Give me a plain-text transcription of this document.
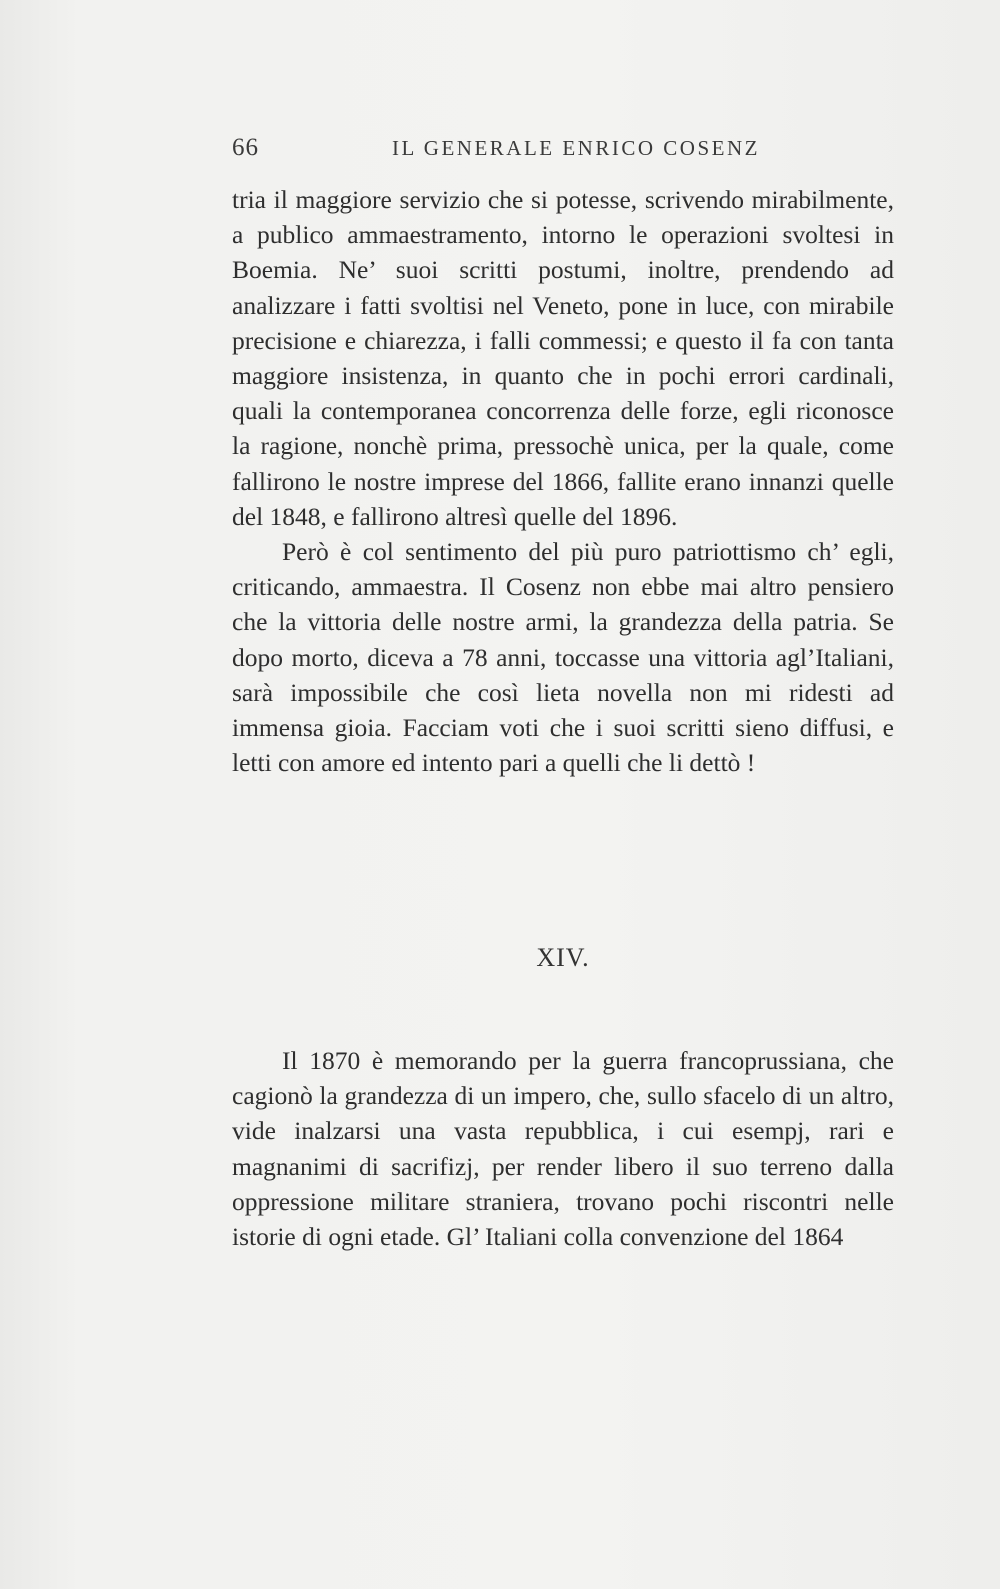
66	IL GENERALE ENRICO COSENZ

tria il maggiore servizio che si potesse, scrivendo mirabilmente, a publico ammaestramento, intorno le operazioni svoltesi in Boemia. Ne’ suoi scritti postumi, inoltre, prendendo ad analizzare i fatti svoltisi nel Veneto, pone in luce, con mirabile precisione e chiarezza, i falli commessi; e questo il fa con tanta maggiore insistenza, in quanto che in pochi errori cardinali, quali la contemporanea concorrenza delle forze, egli riconosce la ragione, nonchè prima, pressochè unica, per la quale, come fallirono le nostre imprese del 1866, fallite erano innanzi quelle del 1848, e fallirono altresì quelle del 1896.

Però è col sentimento del più puro patriottismo ch’ egli, criticando, ammaestra. Il Cosenz non ebbe mai altro pensiero che la vittoria delle nostre armi, la grandezza della patria. Se dopo morto, diceva a 78 anni, toccasse una vittoria agl’Italiani, sarà impossibile che così lieta novella non mi ridesti ad immensa gioia. Facciam voti che i suoi scritti sieno diffusi, e letti con amore ed intento pari a quelli che li dettò !

XIV.

Il 1870 è memorando per la guerra francoprussiana, che cagionò la grandezza di un impero, che, sullo sfacelo di un altro, vide inalzarsi una vasta repubblica, i cui esempj, rari e magnanimi di sacrifizj, per render libero il suo terreno dalla oppressione militare straniera, trovano pochi riscontri nelle istorie di ogni etade. Gl’ Italiani colla convenzione del 1864
